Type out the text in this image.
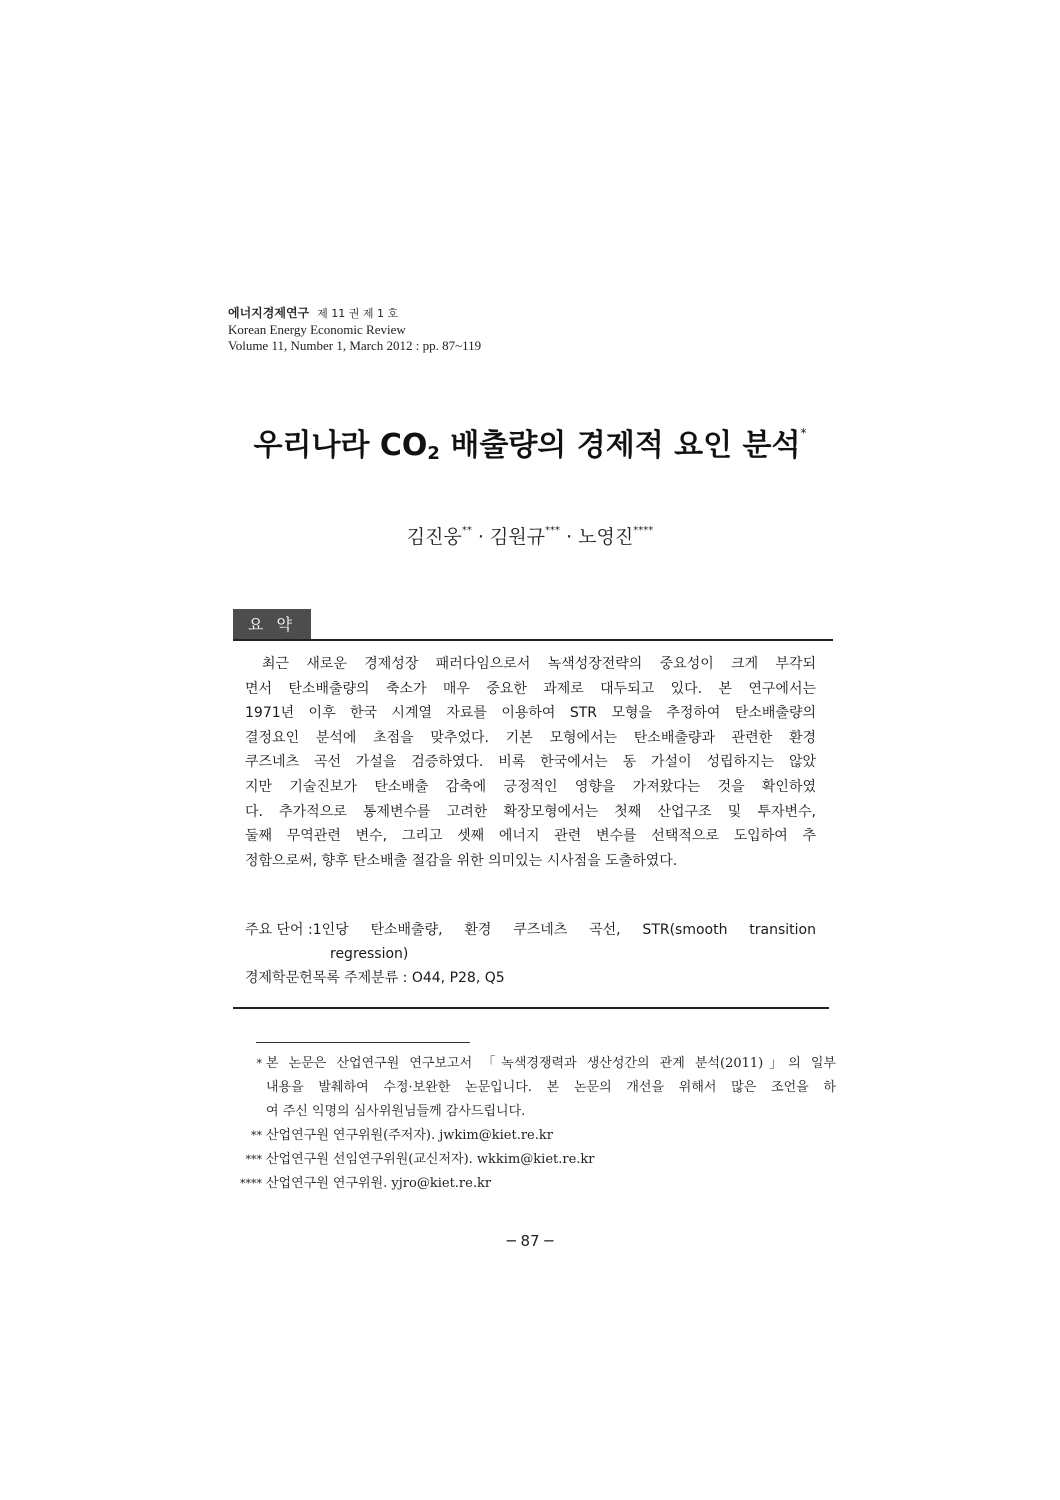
에너지경제연구 제 11 권 제 1 호
Korean Energy Economic Review
Volume 11, Number 1, March 2012 : pp. 87~119
우리나라 $CO_2$ 배출량의 경제적 요인 분석*
김진웅** · 김원규*** · 노영진****
요 약
최근 새로운 경제성장 패러다임으로서 녹색성장전략의 중요성이 크게 부각되
면서 탄소배출량의 축소가 매우 중요한 과제로 대두되고 있다. 본 연구에서는
1971년 이후 한국 시계열 자료를 이용하여 STR 모형을 추정하여 탄소배출량의
결정요인 분석에 초점을 맞추었다. 기본 모형에서는 탄소배출량과 관련한 환경
쿠즈네츠 곡선 가설을 검증하였다. 비록 한국에서는 동 가설이 성립하지는 않았
지만 기술진보가 탄소배출 감축에 긍정적인 영향을 가져왔다는 것을 확인하였
다. 추가적으로 통제변수를 고려한 확장모형에서는 첫째 산업구조 및 투자변수,
둘째 무역관련 변수, 그리고 셋째 에너지 관련 변수를 선택적으로 도입하여 추
정함으로써, 향후 탄소배출 절감을 위한 의미있는 시사점을 도출하였다.
주요 단어 : 1인당 탄소배출량, 환경 쿠즈네츠 곡선, STR(smooth transition
regression)
경제학문헌목록 주제분류 : O44, P28, Q5
* 본 논문은 산업연구원 연구보고서 「녹색경쟁력과 생산성간의 관계 분석(2011)」의 일부
내용을 발췌하여 수정·보완한 논문입니다. 본 논문의 개선을 위해서 많은 조언을 하
여 주신 익명의 심사위원님들께 감사드립니다.
** 산업연구원 연구위원(주저자). jwkim@kiet.re.kr
*** 산업연구원 선임연구위원(교신저자). wkkim@kiet.re.kr
**** 산업연구원 연구위원. yjro@kiet.re.kr
─ 87 ─
